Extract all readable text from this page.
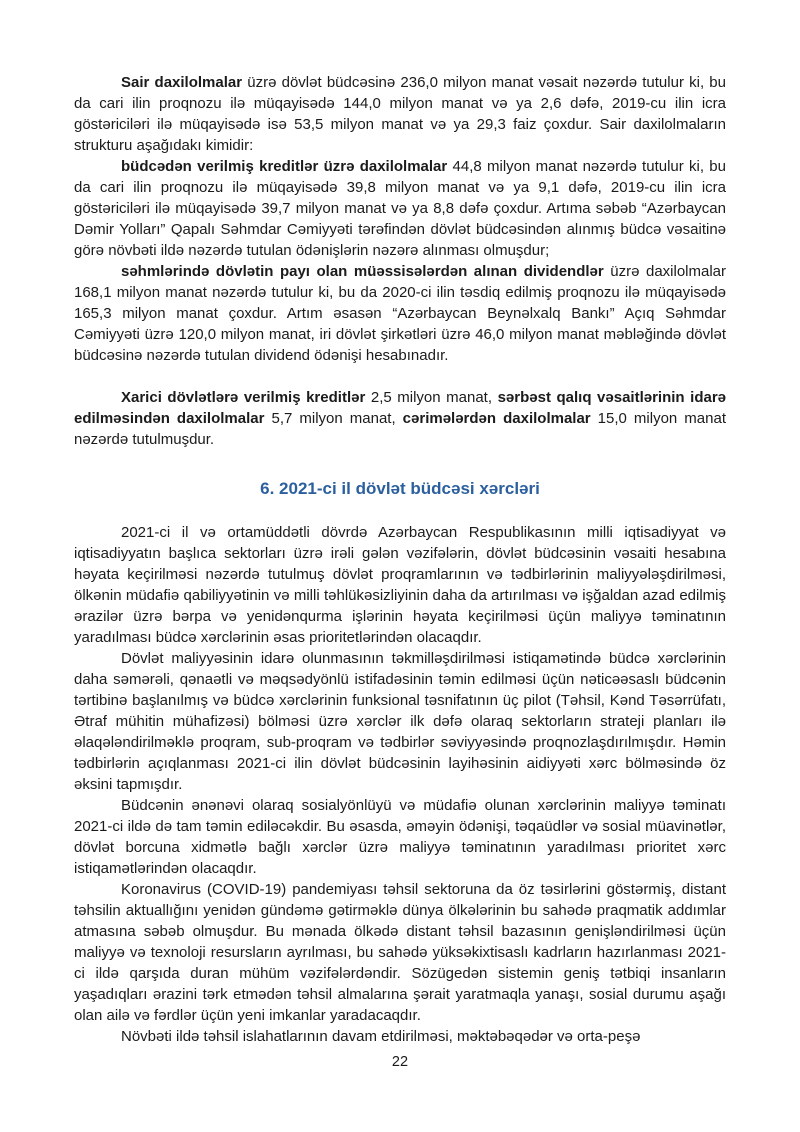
Sair daxilolmalar üzrə dövlət büdcəsinə 236,0 milyon manat vəsait nəzərdə tutulur ki, bu da cari ilin proqnozu ilə müqayisədə 144,0 milyon manat və ya 2,6 dəfə, 2019-cu ilin icra göstəriciləri ilə müqayisədə isə 53,5 milyon manat və ya 29,3 faiz çoxdur. Sair daxilolmaların strukturu aşağıdakı kimidir:

büdcədən verilmiş kreditlər üzrə daxilolmalar 44,8 milyon manat nəzərdə tutulur ki, bu da cari ilin proqnozu ilə müqayisədə 39,8 milyon manat və ya 9,1 dəfə, 2019-cu ilin icra göstəriciləri ilə müqayisədə 39,7 milyon manat və ya 8,8 dəfə çoxdur. Artıma səbəb “Azərbaycan Dəmir Yolları” Qapalı Səhmdar Cəmiyyəti tərəfindən dövlət büdcəsindən alınmış büdcə vəsaitinə görə növbəti ildə nəzərdə tutulan ödənişlərin nəzərə alınması olmuşdur;

səhmlərində dövlətin payı olan müəssisələrdən alınan dividendlər üzrə daxilolmalar 168,1 milyon manat nəzərdə tutulur ki, bu da 2020-ci ilin təsdiq edilmiş proqnozu ilə müqayisədə 165,3 milyon manat çoxdur. Artım əsasən “Azərbaycan Beynəlxalq Bankı” Açıq Səhmdar Cəmiyyəti üzrə 120,0 milyon manat, iri dövlət şirkətləri üzrə 46,0 milyon manat məbləğində dövlət büdcəsinə nəzərdə tutulan dividend ödənişi hesabınadır.

Xarici dövlətlərə verilmiş kreditlər 2,5 milyon manat, sərbəst qalıq vəsaitlərinin idarə edilməsindən daxilolmalar 5,7 milyon manat, cərimələrdən daxilolmalar 15,0 milyon manat nəzərdə tutulmuşdur.

6. 2021-ci il dövlət büdcəsi xərcləri

2021-ci il və ortamüddətli dövrdə Azərbaycan Respublikasının milli iqtisadiyyat və iqtisadiyyatın başlıca sektorları üzrə irəli gələn vəzifələrin, dövlət büdcəsinin vəsaiti hesabına həyata keçirilməsi nəzərdə tutulmuş dövlət proqramlarının və tədbirlərinin maliyyələşdirilməsi, ölkənin müdafiə qabiliyyətinin və milli təhlükəsizliyinin daha da artırılması və işğaldan azad edilmiş ərazilər üzrə bərpa və yenidənqurma işlərinin həyata keçirilməsi üçün maliyyə təminatının yaradılması büdcə xərclərinin əsas prioritetlərindən olacaqdır.

Dövlət maliyyəsinin idarə olunmasının təkmilləşdirilməsi istiqamətində büdcə xərclərinin daha səmərəli, qənaətli və məqsədyönlü istifadəsinin təmin edilməsi üçün nəticəəsaslı büdcənin tərtibinə başlanılmış və büdcə xərclərinin funksional təsnifatının üç pilot (Təhsil, Kənd Təsərrüfatı, Ətraf mühitin mühafizəsi) bölməsi üzrə xərclər ilk dəfə olaraq sektorların strateji planları ilə əlaqələndirilməklə proqram, sub-proqram və tədbirlər səviyyəsində proqnozlaşdırılmışdır. Həmin tədbirlərin açıqlanması 2021-ci ilin dövlət büdcəsinin layihəsinin aidiyyəti xərc bölməsində öz əksini tapmışdır.

Büdcənin ənənəvi olaraq sosialyönlüyü və müdafiə olunan xərclərinin maliyyə təminatı 2021-ci ildə də tam təmin ediləcəkdir. Bu əsasda, əməyin ödənişi, təqaüdlər və sosial müavinətlər, dövlət borcuna xidmətlə bağlı xərclər üzrə maliyyə təminatının yaradılması prioritet xərc istiqamətlərindən olacaqdır.

Koronavirus (COVID-19) pandemiyası təhsil sektoruna da öz təsirlərini göstərmiş, distant təhsilin aktuallığını yenidən gündəmə gətirməklə dünya ölkələrinin bu sahədə praqmatik addımlar atmasına səbəb olmuşdur. Bu mənada ölkədə distant təhsil bazasının genişləndirilməsi üçün maliyyə və texnoloji resursların ayrılması, bu sahədə yüksəkixtisaslı kadrların hazırlanması 2021-ci ildə qarşıda duran mühüm vəzifələrdəndir. Sözügedən sistemin geniş tətbiqi insanların yaşadıqları ərazini tərk etmədən təhsil almalarına şərait yaratmaqla yanaşı, sosial durumu aşağı olan ailə və fərdlər üçün yeni imkanlar yaradacaqdır.

Növbəti ildə təhsil islahatlarının davam etdirilməsi, məktəbəqədər və orta-peşə

22
